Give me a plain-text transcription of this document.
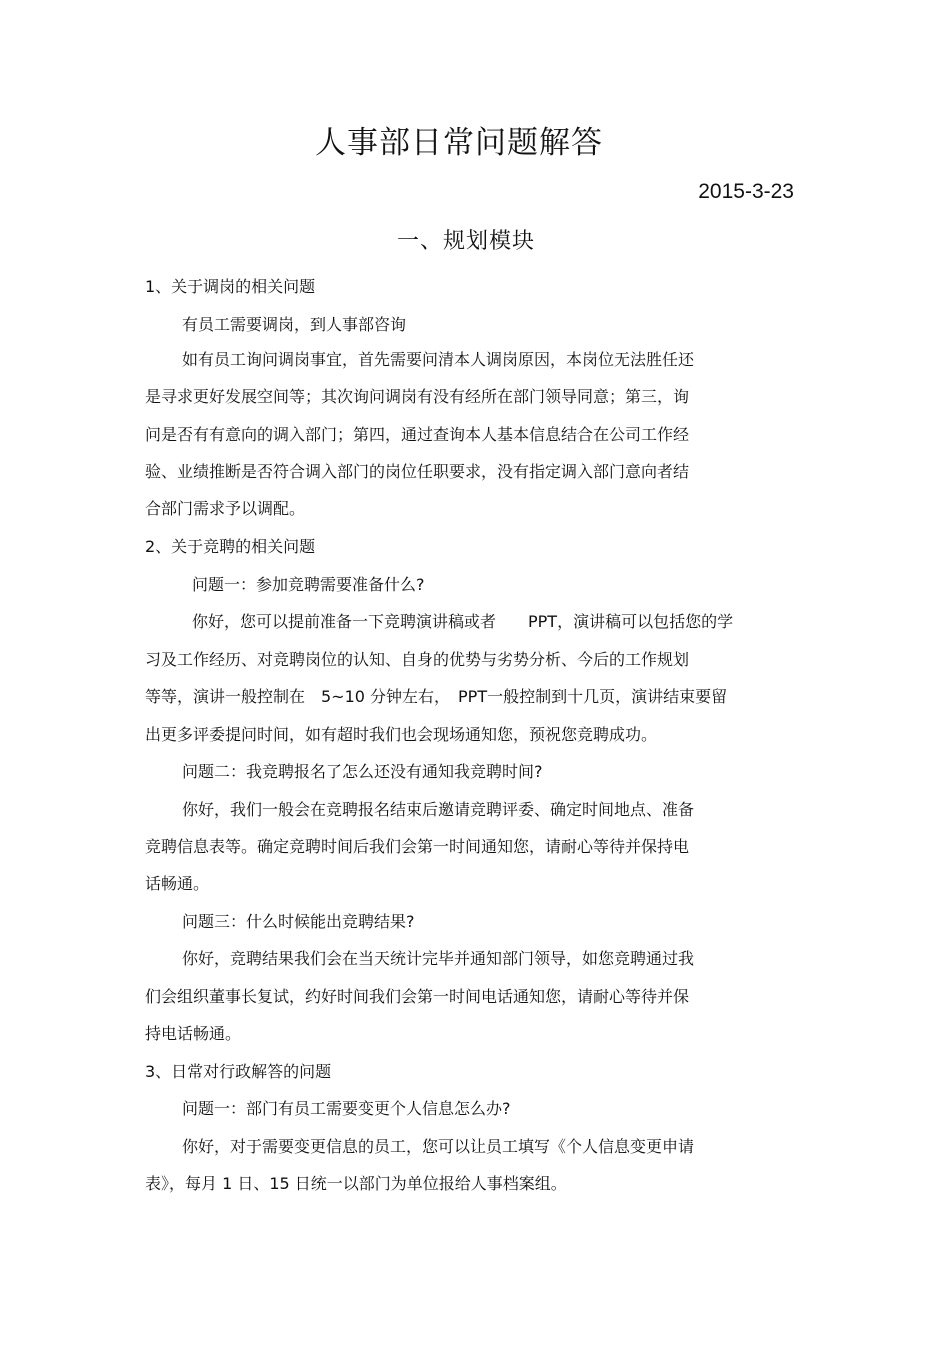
人事部日常问题解答
2015-3-23
一、规划模块
1、关于调岗的相关问题
有员工需要调岗，到人事部咨询
如有员工询问调岗事宜，首先需要问清本人调岗原因，本岗位无法胜任还
是寻求更好发展空间等；其次询问调岗有没有经所在部门领导同意；第三，询
问是否有有意向的调入部门；第四，通过查询本人基本信息结合在公司工作经
验、业绩推断是否符合调入部门的岗位任职要求，没有指定调入部门意向者结
合部门需求予以调配。
2、关于竞聘的相关问题
问题一：参加竞聘需要准备什么?
你好，您可以提前准备一下竞聘演讲稿或者　　PPT，演讲稿可以包括您的学
习及工作经历、对竞聘岗位的认知、自身的优势与劣势分析、今后的工作规划
等等，演讲一般控制在　5~10 分钟左右，　PPT一般控制到十几页，演讲结束要留
出更多评委提问时间，如有超时我们也会现场通知您，预祝您竞聘成功。
问题二：我竞聘报名了怎么还没有通知我竞聘时间?
你好，我们一般会在竞聘报名结束后邀请竞聘评委、确定时间地点、准备
竞聘信息表等。确定竞聘时间后我们会第一时间通知您，请耐心等待并保持电
话畅通。
问题三：什么时候能出竞聘结果?
你好，竞聘结果我们会在当天统计完毕并通知部门领导，如您竞聘通过我
们会组织董事长复试，约好时间我们会第一时间电话通知您，请耐心等待并保
持电话畅通。
3、日常对行政解答的问题
问题一：部门有员工需要变更个人信息怎么办?
你好，对于需要变更信息的员工，您可以让员工填写《个人信息变更申请
表》，每月 1 日、15 日统一以部门为单位报给人事档案组。
